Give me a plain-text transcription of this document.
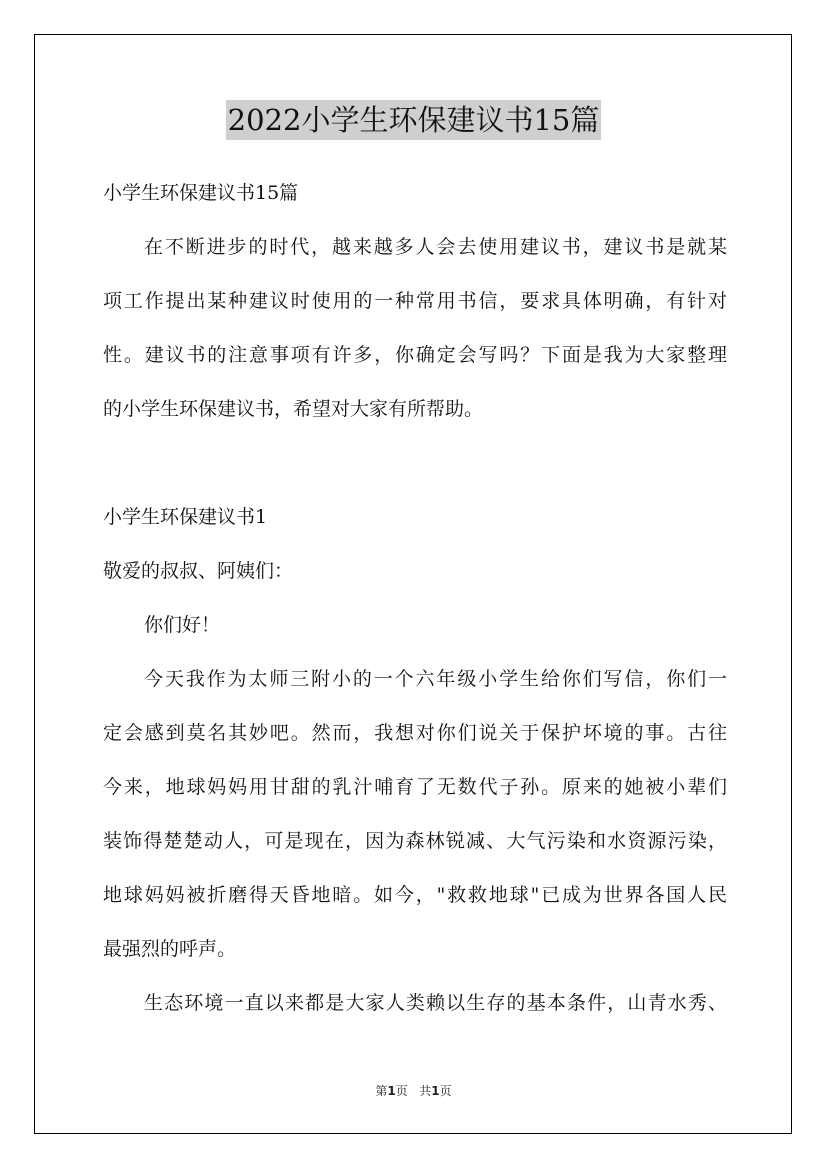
2022小学生环保建议书15篇
小学生环保建议书15篇
在不断进步的时代，越来越多人会去使用建议书，建议书是就某
项工作提出某种建议时使用的一种常用书信，要求具体明确，有针对
性。建议书的注意事项有许多，你确定会写吗？下面是我为大家整理
的小学生环保建议书，希望对大家有所帮助。
小学生环保建议书1
敬爱的叔叔、阿姨们：
你们好！
今天我作为太师三附小的一个六年级小学生给你们写信，你们一
定会感到莫名其妙吧。然而，我想对你们说关于保护坏境的事。古往
今来，地球妈妈用甘甜的乳汁哺育了无数代子孙。原来的她被小辈们
装饰得楚楚动人，可是现在，因为森林锐减、大气污染和水资源污染，
地球妈妈被折磨得天昏地暗。如今，"救救地球"已成为世界各国人民
最强烈的呼声。
生态环境一直以来都是大家人类赖以生存的基本条件，山青水秀、
第1页 共1页
